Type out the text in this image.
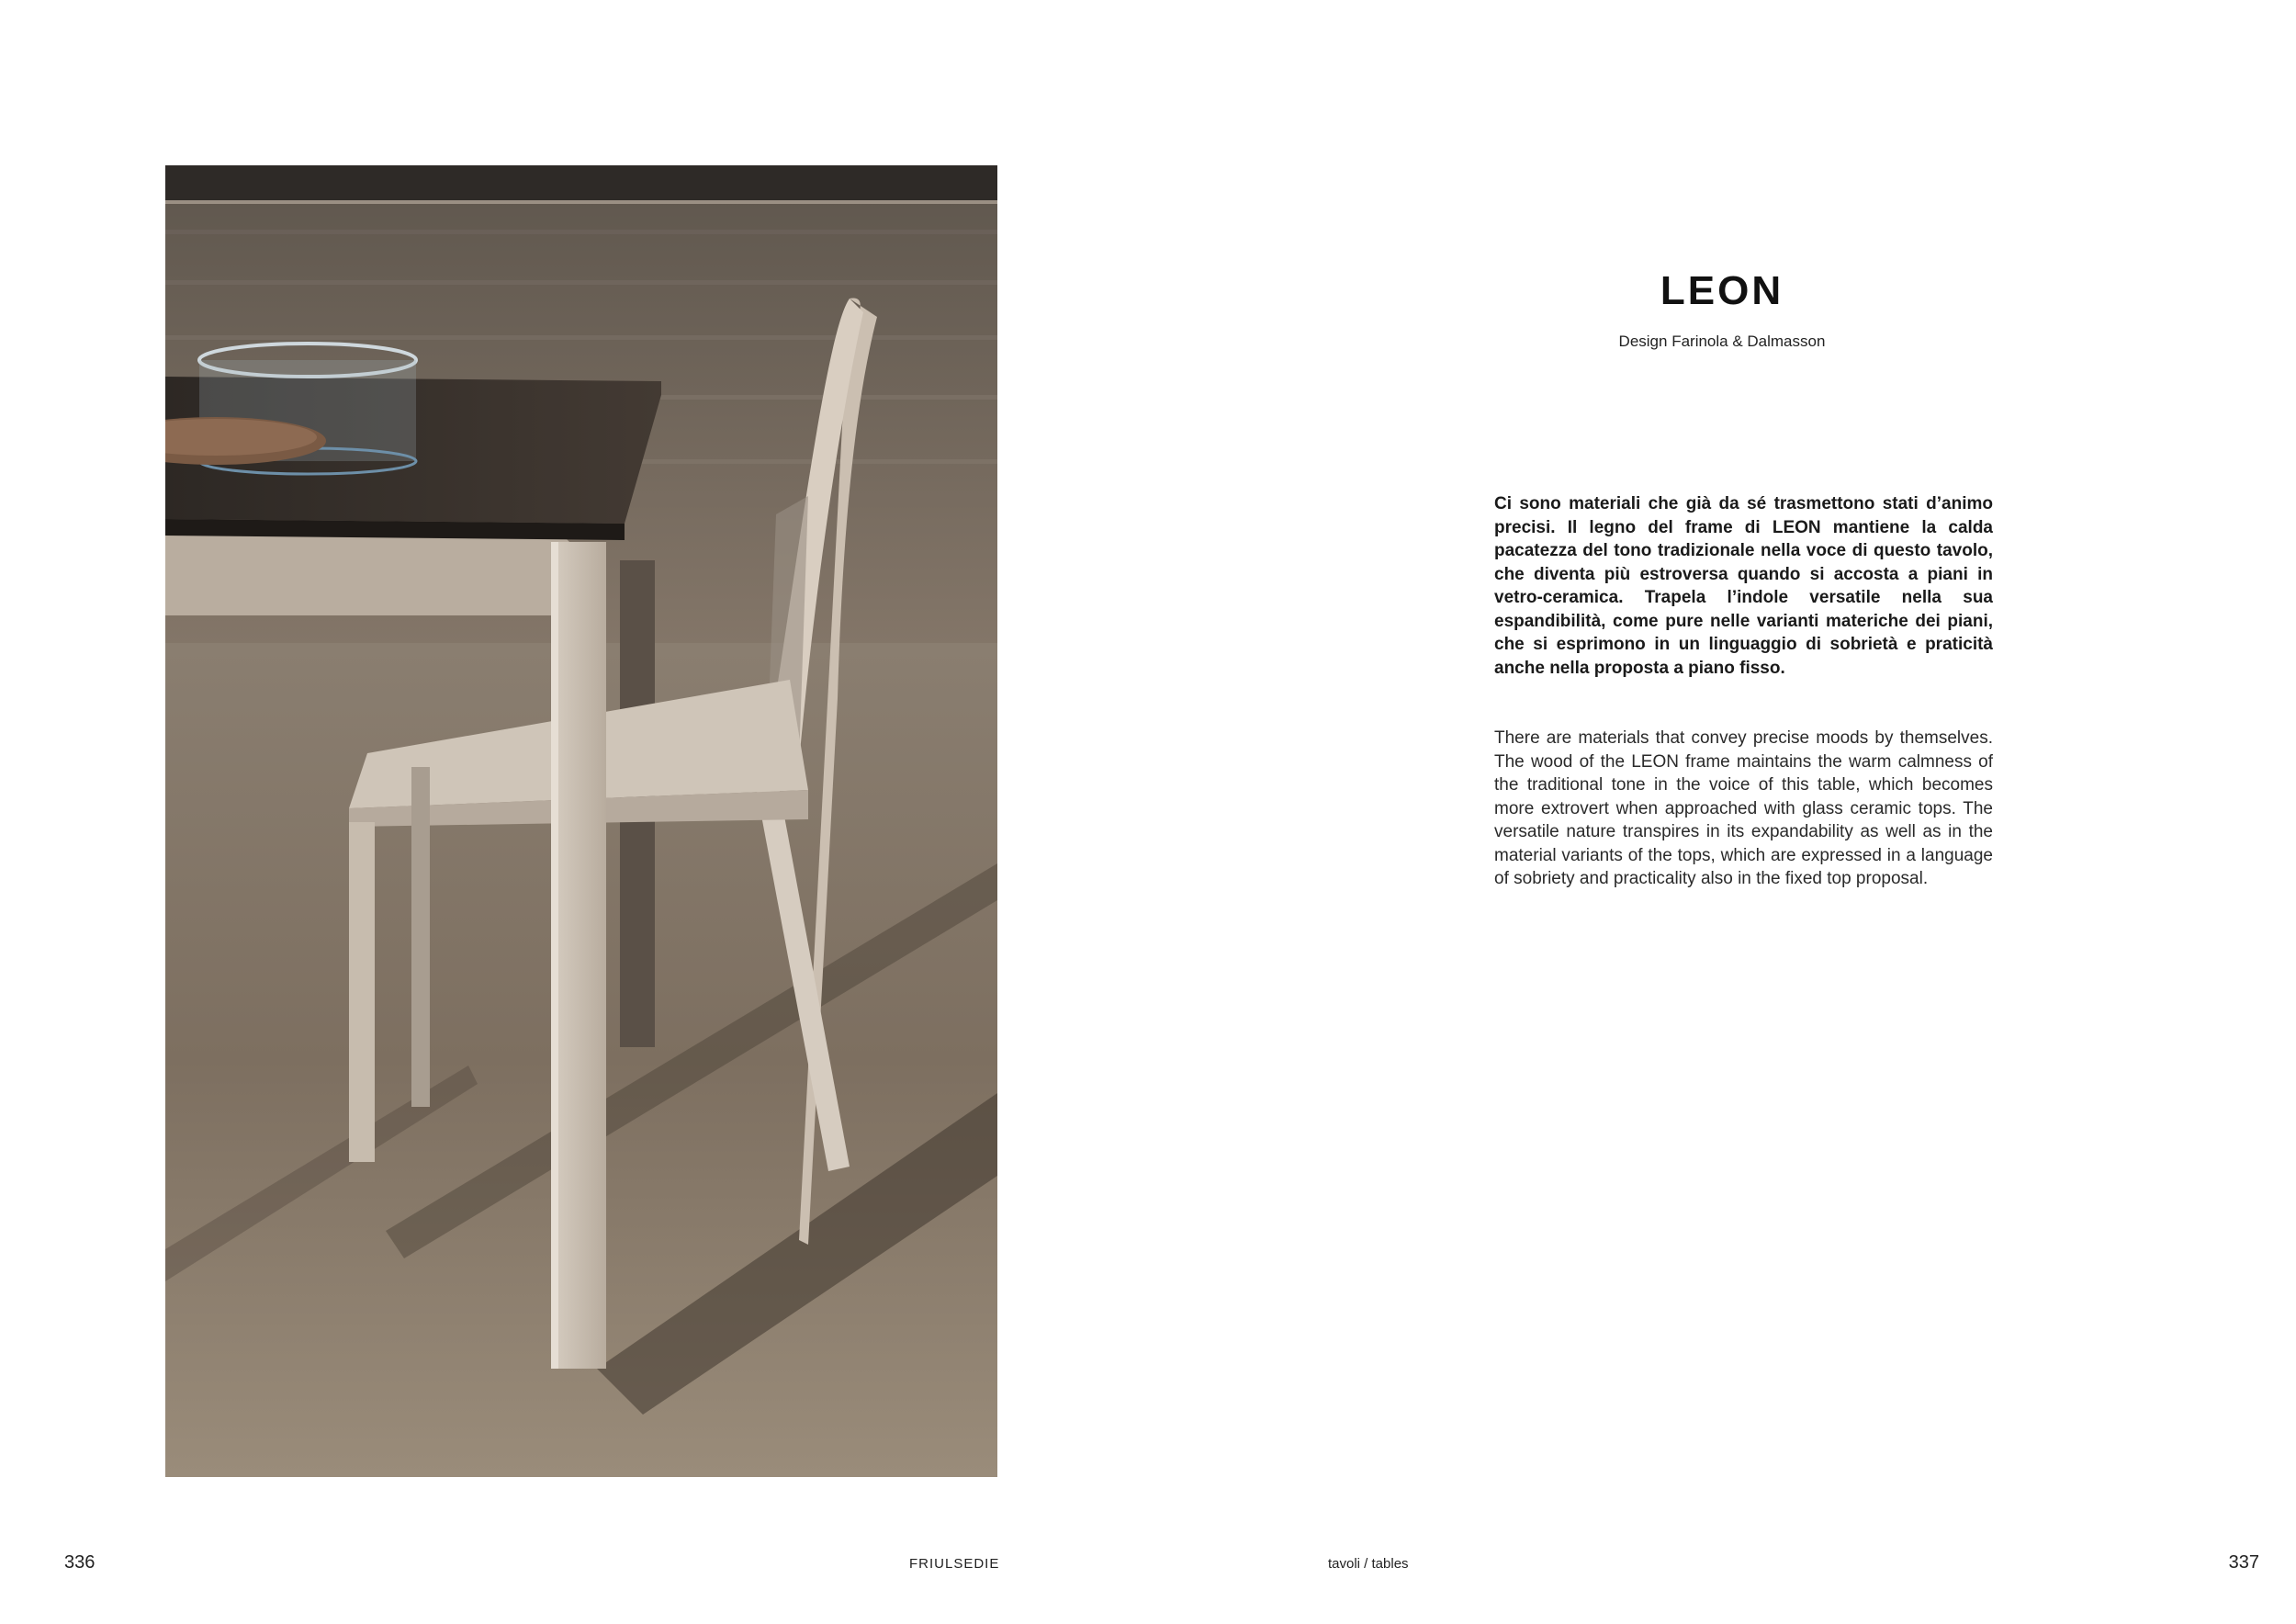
LEON
Design Farinola & Dalmasson

Ci sono materiali che già da sé trasmettono stati d’animo precisi. Il legno del frame di LEON mantiene la calda pacatezza del tono tradizionale nella voce di questo tavolo, che diventa più estroversa quando si accosta a piani in vetro-ceramica. Trapela l’indole versatile nella sua espandibilità, come pure nelle varianti materiche dei piani, che si esprimono in un linguaggio di sobrietà e praticità anche nella proposta a piano fisso.

There are materials that convey precise moods by themselves. The wood of the LEON frame maintains the warm calmness of the traditional tone in the voice of this table, which becomes more extrovert when approached with glass ceramic tops. The versatile nature transpires in its expandability as well as in the material variants of the tops, which are expressed in a language of sobriety and practicality also in the fixed top proposal.

336	FRIULSEDIE	tavoli / tables	337
